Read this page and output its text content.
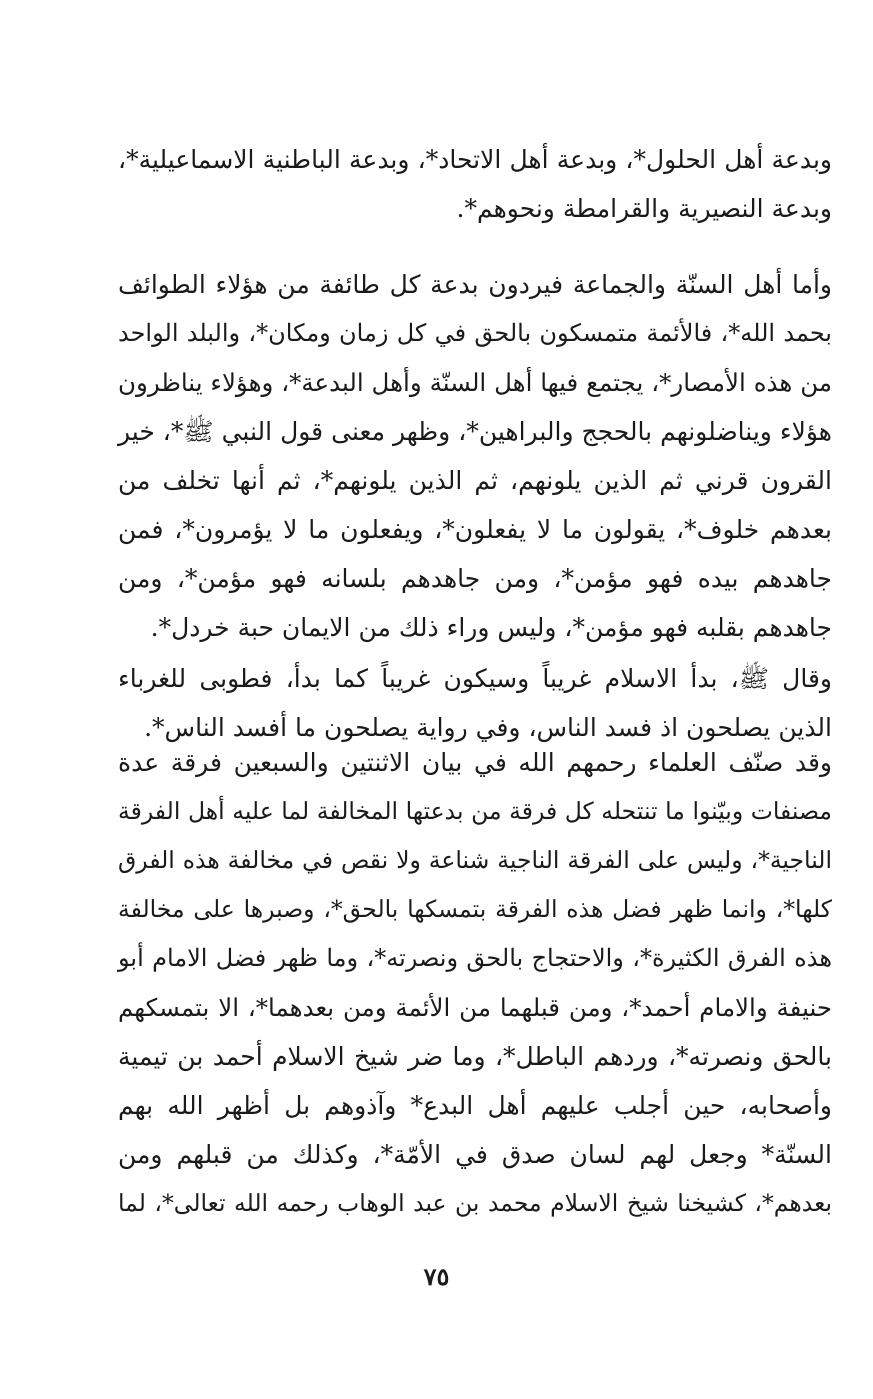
وبدعة أهل الحلول*، وبدعة أهل الاتحاد*، وبدعة الباطنية الاسماعيلية*،
وبدعة النصيرية والقرامطة ونحوهم*.
وأما أهل السنّة والجماعة فيردون بدعة كل طائفة من هؤلاء الطوائف
بحمد الله*، فالأئمة متمسكون بالحق في كل زمان ومكان*، والبلد الواحد
من هذه الأمصار*، يجتمع فيها أهل السنّة وأهل البدعة*، وهؤلاء يناظرون
هؤلاء ويناضلونهم بالحجج والبراهين*، وظهر معنى قول النبي ﷺ*، خير
القرون قرني ثم الذين يلونهم، ثم الذين يلونهم*، ثم أنها تخلف من
بعدهم خلوف*، يقولون ما لا يفعلون*، ويفعلون ما لا يؤمرون*، فمن
جاهدهم بيده فهو مؤمن*، ومن جاهدهم بلسانه فهو مؤمن*، ومن
جاهدهم بقلبه فهو مؤمن*، وليس وراء ذلك من الايمان حبة خردل*.
وقال ﷺ، بدأ الاسلام غريباً وسيكون غريباً كما بدأ، فطوبى للغرباء
الذين يصلحون اذ فسد الناس، وفي رواية يصلحون ما أفسد الناس*.
وقد صنّف العلماء رحمهم الله في بيان الاثنتين والسبعين فرقة عدة
مصنفات وبيّنوا ما تنتحله كل فرقة من بدعتها المخالفة لما عليه أهل الفرقة
الناجية*، وليس على الفرقة الناجية شناعة ولا نقص في مخالفة هذه الفرق
كلها*، وانما ظهر فضل هذه الفرقة بتمسكها بالحق*، وصبرها على مخالفة
هذه الفرق الكثيرة*، والاحتجاج بالحق ونصرته*، وما ظهر فضل الامام أبو
حنيفة والامام أحمد*، ومن قبلهما من الأئمة ومن بعدهما*، الا بتمسكهم
بالحق ونصرته*، وردهم الباطل*، وما ضر شيخ الاسلام أحمد بن تيمية
وأصحابه، حين أجلب عليهم أهل البدع* وآذوهم بل أظهر الله بهم
السنّة* وجعل لهم لسان صدق في الأمّة*، وكذلك من قبلهم ومن
بعدهم*، كشيخنا شيخ الاسلام محمد بن عبد الوهاب رحمه الله تعالى*، لما
٧٥
